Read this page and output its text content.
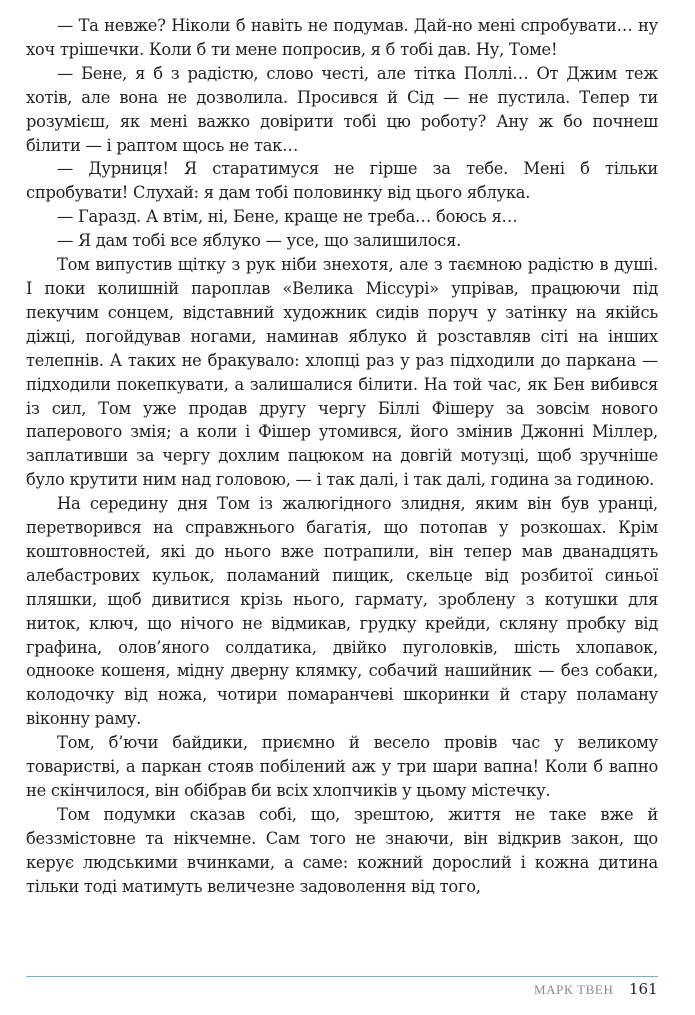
— Та невже? Ніколи б навіть не подумав. Дай-но мені спробувати… ну хоч трішечки. Коли б ти мене попросив, я б тобі дав. Ну, Томе!

— Бене, я б з радістю, слово честі, але тітка Поллі… От Джим теж хотів, але вона не дозволила. Просився й Сід — не пустила. Тепер ти розумієш, як мені важко довірити тобі цю роботу? Ану ж бо почнеш білити — і раптом щось не так…

— Дурниця! Я старатимуся не гірше за тебе. Мені б тільки спробувати! Слухай: я дам тобі половинку від цього яблука.

— Гаразд. А втім, ні, Бене, краще не треба… боюсь я…

— Я дам тобі все яблуко — усе, що залишилося.

Том випустив щітку з рук ніби знехотя, але з таємною радістю в душі. І поки колишній пароплав «Велика Міссурі» упрівав, працюючи під пекучим сонцем, відставний художник сидів поруч у затінку на якійсь діжці, погойдував ногами, наминав яблуко й розставляв сіті на інших телепнів. А таких не бракувало: хлопці раз у раз підходили до паркана — підходили покепкувати, а залишалися білити. На той час, як Бен вибився із сил, Том уже продав другу чергу Біллі Фішеру за зовсім нового паперового змія; а коли і Фішер утомився, його змінив Джонні Міллер, заплативши за чергу дохлим пацюком на довгій мотузці, щоб зручніше було крутити ним над головою, — і так далі, і так далі, година за годиною.

На середину дня Том із жалюгідного злидня, яким він був уранці, перетворився на справжнього багатія, що потопав у розкошах. Крім коштовностей, які до нього вже потрапили, він тепер мав дванадцять алебастрових кульок, поламаний пищик, скельце від розбитої синьої пляшки, щоб дивитися крізь нього, гармату, зроблену з котушки для ниток, ключ, що нічого не відмикав, грудку крейди, скляну пробку від графина, олов’яного солдатика, двійко пуголовків, шість хлопавок, одноокe кошеня, мідну дверну клямку, собачий нашийник — без собаки, колодочку від ножа, чотири помаранчеві шкоринки й стару поламану віконну раму.

Том, б’ючи байдики, приємно й весело провів час у великому товаристві, а паркан стояв побілений аж у три шари вапна! Коли б вапно не скінчилося, він обібрав би всіх хлопчиків у цьому містечку.

Том подумки сказав собі, що, зрештою, життя не таке вже й беззмістовне та нікчемне. Сам того не знаючи, він відкрив закон, що керує людськими вчинками, а саме: кожний дорослий і кожна дитина тільки тоді матимуть величезне задоволення від того,

МАРК ТВЕН 161
